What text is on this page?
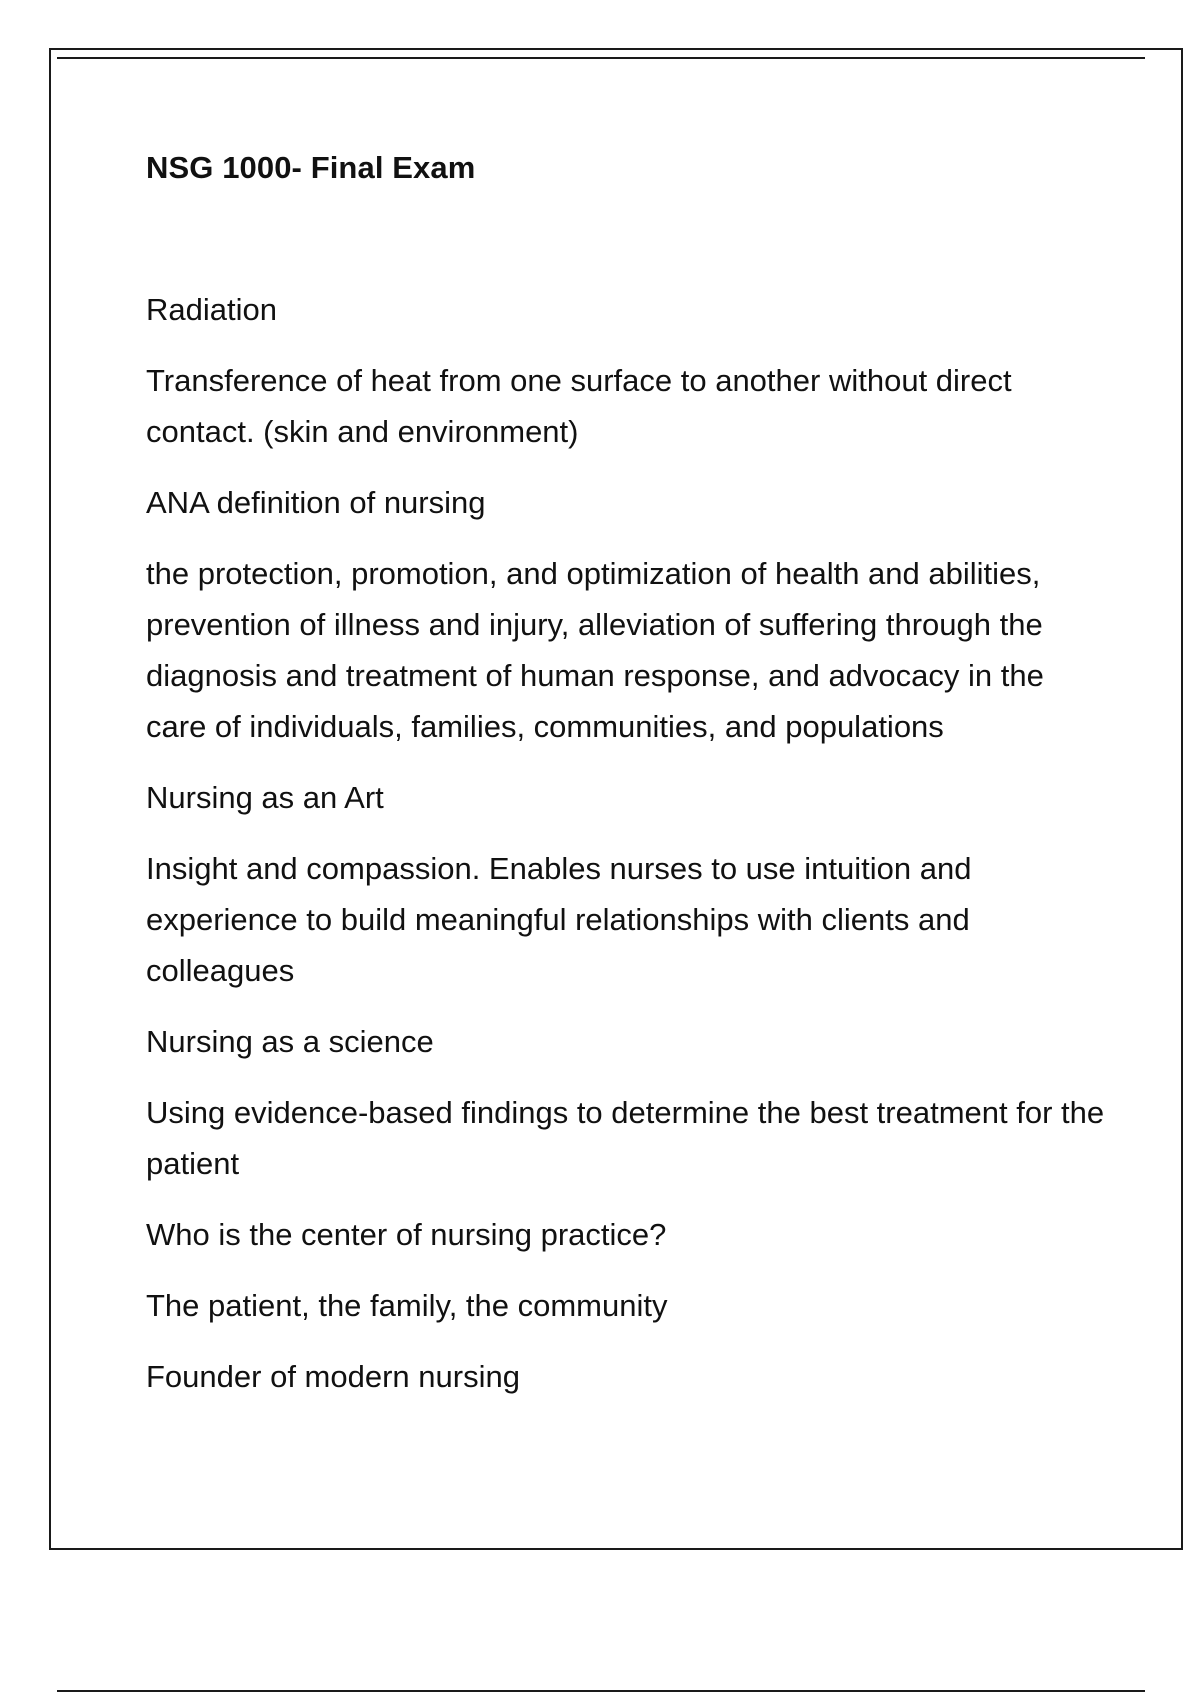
NSG 1000- Final Exam

Radiation

Transference of heat from one surface to another without direct contact. (skin and environment)

ANA definition of nursing

the protection, promotion, and optimization of health and abilities, prevention of illness and injury, alleviation of suffering through the diagnosis and treatment of human response, and advocacy in the care of individuals, families, communities, and populations

Nursing as an Art

Insight and compassion. Enables nurses to use intuition and experience to build meaningful relationships with clients and colleagues

Nursing as a science

Using evidence-based findings to determine the best treatment for the patient

Who is the center of nursing practice?

The patient, the family, the community

Founder of modern nursing
